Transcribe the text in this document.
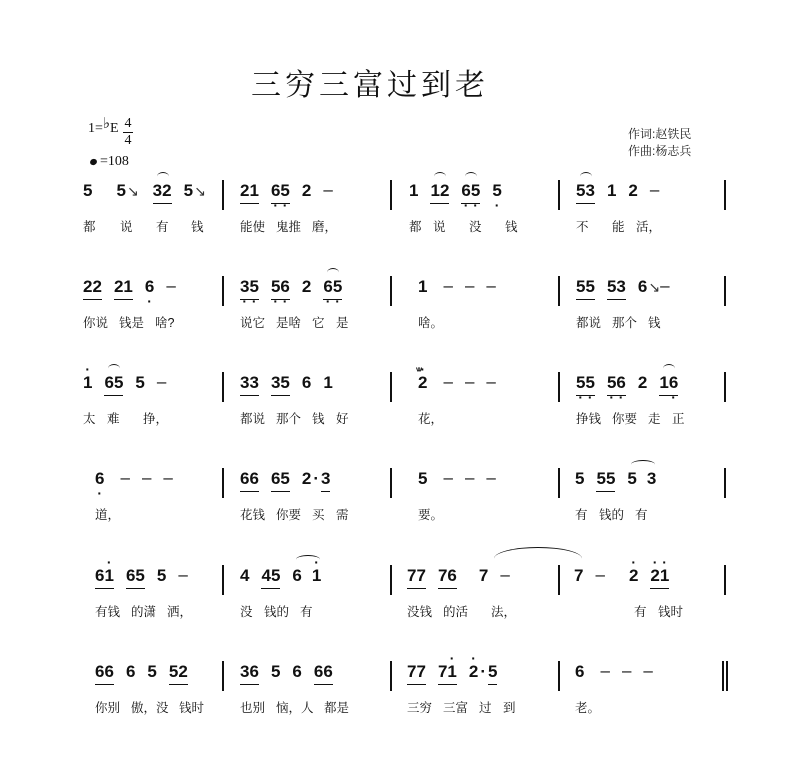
三穷三富过到老
1=♭E 4
4
=108
作词:赵铁民
作曲:杨志兵
5 5↘ 3 2 5↘
都 说 有 钱
2 1 6 · 5 · 2 –
能使 鬼推 磨，
1 1 2 6 · 5 · 5 ·
都 说 没 钱
5 3 1 2 –
不 能 活，
2 2 2 1 6 · –
你说 钱是 啥?
3 · 5 · 5 · 6 · 2 6 · 5 ·
说它 是啥 它 是
1 – – –
啥。
5 5 5 3 6↘ –
都说 那个 钱
· 1 6 5 5 –
太 难 挣，
3 3 3 5 6 1
都说 那个 钱 好
· ᵥᵥ
2 – – –
花，
5 · 5 · 5 · 6 · 2 1 6 ·
挣钱 你要 走 正
6 · – – –
道，
6 6 6 5 2 · 3
花钱 你要 买 需
5 – – –
要。
5 5 5 5 3
有 钱的 有
6 · 1 6 5 5 –
有钱 的潇 洒，
4 4 5 6 · 1
没 钱的 有
7 7 7 6 7 –
没钱 的活 法，
7 – · 2 · 2 · 1
有 钱时
6 6 6 5 5 2
你别 傲，没 钱时
3 6 5 6 6 6
也别 恼，人 都是
7 7 7 · 1 · 2 · 5
三穷 三富 过 到
6 – – –
老。
